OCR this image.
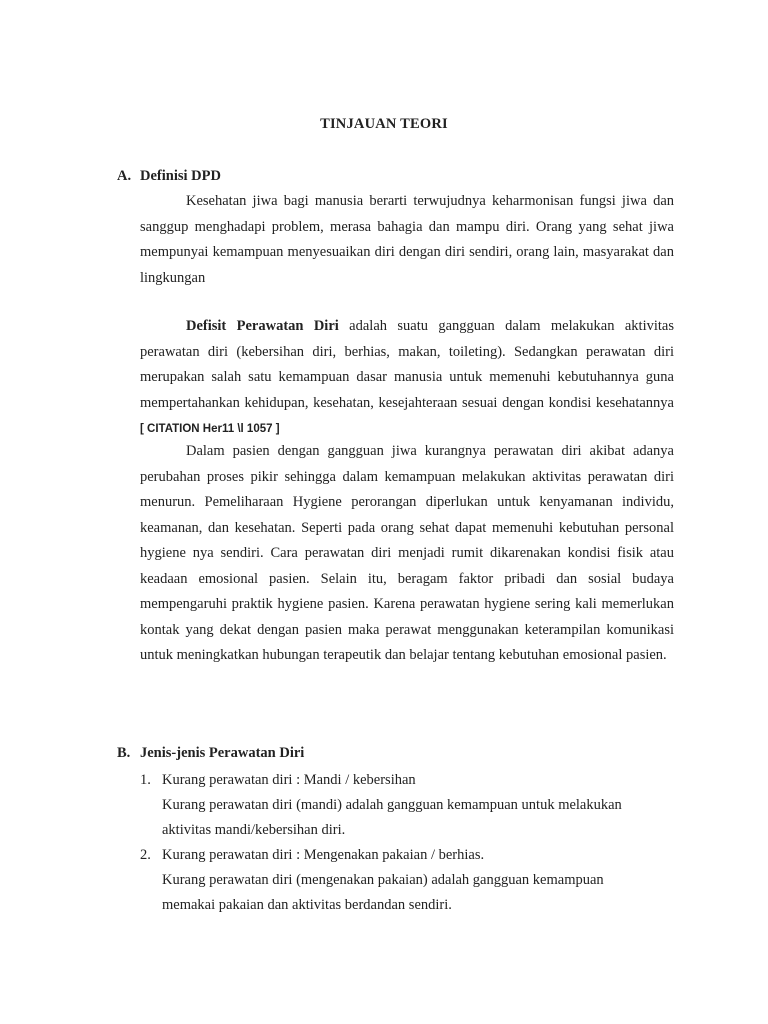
TINJAUAN TEORI
A. Definisi DPD

Kesehatan jiwa bagi manusia berarti terwujudnya keharmonisan fungsi jiwa dan sanggup menghadapi problem, merasa bahagia dan mampu diri. Orang yang sehat jiwa mempunyai kemampuan menyesuaikan diri dengan diri sendiri, orang lain, masyarakat dan lingkungan

Defisit Perawatan Diri adalah suatu gangguan dalam melakukan aktivitas perawatan diri (kebersihan diri, berhias, makan, toileting). Sedangkan perawatan diri merupakan salah satu kemampuan dasar manusia untuk memenuhi kebutuhannya guna mempertahankan kehidupan, kesehatan, kesejahteraan sesuai dengan kondisi kesehatannya [ CITATION Her11 \l 1057 ]

Dalam pasien dengan gangguan jiwa kurangnya perawatan diri akibat adanya perubahan proses pikir sehingga dalam kemampuan melakukan aktivitas perawatan diri menurun. Pemeliharaan Hygiene perorangan diperlukan untuk kenyamanan individu, keamanan, dan kesehatan. Seperti pada orang sehat dapat memenuhi kebutuhan personal hygiene nya sendiri. Cara perawatan diri menjadi rumit dikarenakan kondisi fisik atau keadaan emosional pasien. Selain itu, beragam faktor pribadi dan sosial budaya mempengaruhi praktik hygiene pasien. Karena perawatan hygiene sering kali memerlukan kontak yang dekat dengan pasien maka perawat menggunakan keterampilan komunikasi untuk meningkatkan hubungan terapeutik dan belajar tentang kebutuhan emosional pasien.

B. Jenis-jenis Perawatan Diri
1. Kurang perawatan diri : Mandi / kebersihan
Kurang perawatan diri (mandi) adalah gangguan kemampuan untuk melakukan
aktivitas mandi/kebersihan diri.
2. Kurang perawatan diri : Mengenakan pakaian / berhias.
Kurang perawatan diri (mengenakan pakaian) adalah gangguan kemampuan
memakai pakaian dan aktivitas berdandan sendiri.
